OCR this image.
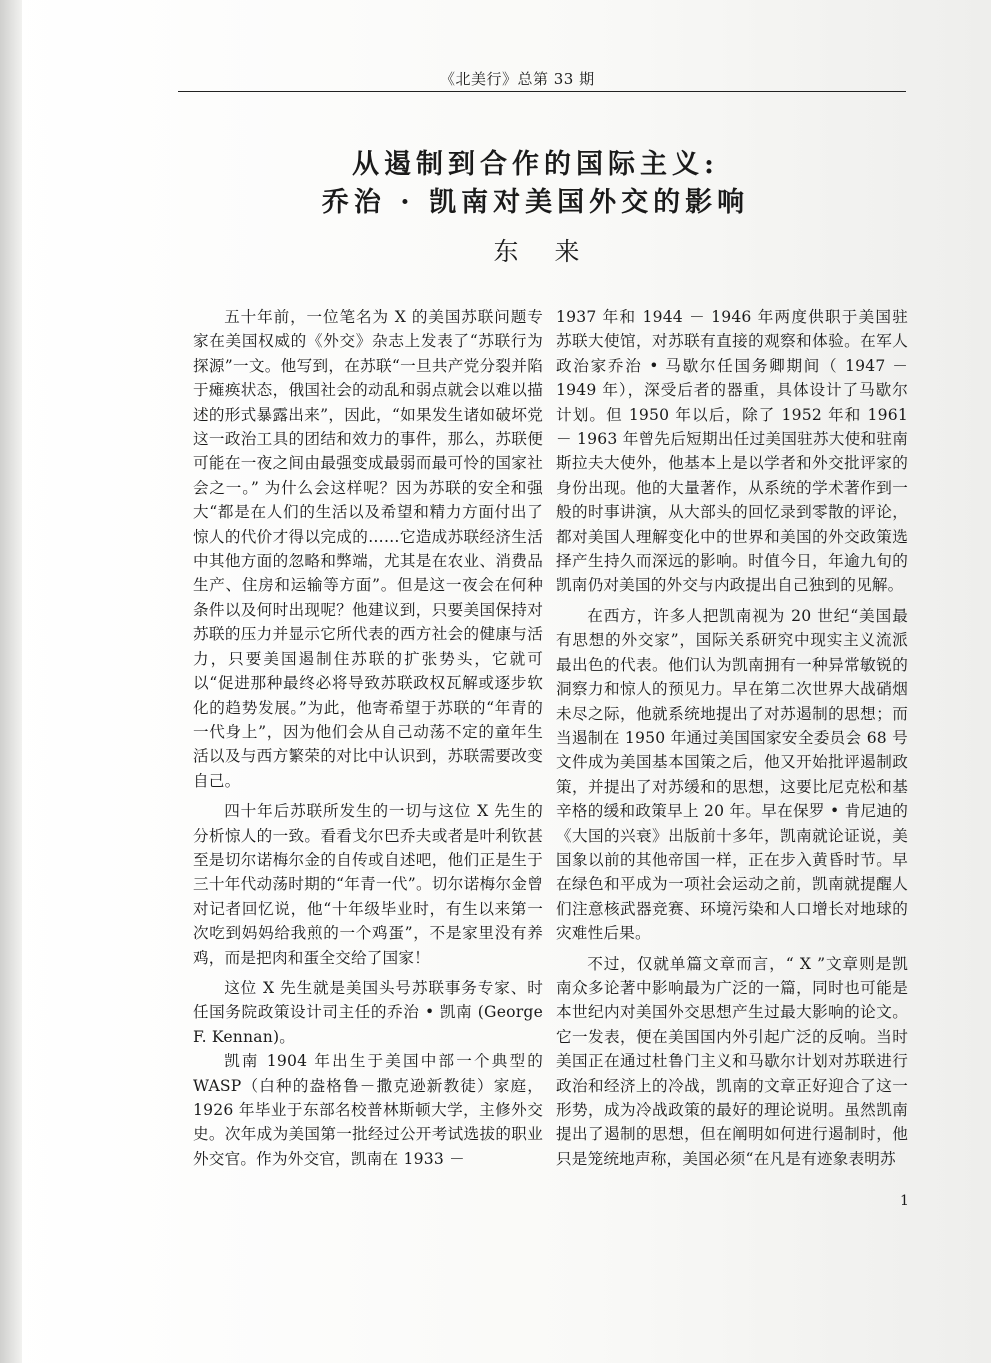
《北美行》总第 33 期
从遏制到合作的国际主义:
乔治 · 凯南对美国外交的影响
东 来

五十年前，一位笔名为 X 的美国苏联问题专家在美国权威的《外交》杂志上发表了“苏联行为探源”一文。他写到，在苏联“一旦共产党分裂并陷于瘫痪状态，俄国社会的动乱和弱点就会以难以描述的形式暴露出来”，因此，“如果发生诸如破坏党这一政治工具的团结和效力的事件，那么，苏联便可能在一夜之间由最强变成最弱而最可怜的国家社会之一。” 为什么会这样呢？因为苏联的安全和强大“都是在人们的生活以及希望和精力方面付出了惊人的代价才得以完成的……它造成苏联经济生活中其他方面的忽略和弊端，尤其是在农业、消费品生产、住房和运输等方面”。但是这一夜会在何种条件以及何时出现呢？他建议到，只要美国保持对苏联的压力并显示它所代表的西方社会的健康与活力，只要美国遏制住苏联的扩张势头，它就可以“促进那种最终必将导致苏联政权瓦解或逐步软化的趋势发展。”为此，他寄希望于苏联的“年青的一代身上”，因为他们会从自己动荡不定的童年生活以及与西方繁荣的对比中认识到，苏联需要改变自己。

四十年后苏联所发生的一切与这位 X 先生的分析惊人的一致。看看戈尔巴乔夫或者是叶利钦甚至是切尔诺梅尔金的自传或自述吧，他们正是生于三十年代动荡时期的“年青一代”。切尔诺梅尔金曾对记者回忆说，他“十年级毕业时，有生以来第一次吃到妈妈给我煎的一个鸡蛋”，不是家里没有养鸡，而是把肉和蛋全交给了国家！

这位 X 先生就是美国头号苏联事务专家、时任国务院政策设计司主任的乔治 • 凯南 (George F. Kennan)。

凯南 1904 年出生于美国中部一个典型的 WASP（白种的盎格鲁－撒克逊新教徒）家庭，1926 年毕业于东部名校普林斯顿大学，主修外交史。次年成为美国第一批经过公开考试选拔的职业外交官。作为外交官，凯南在 1933 －

1937 年和 1944 － 1946 年两度供职于美国驻苏联大使馆，对苏联有直接的观察和体验。在军人政治家乔治 • 马歇尔任国务卿期间（ 1947 － 1949 年），深受后者的器重，具体设计了马歇尔计划。但 1950 年以后，除了 1952 年和 1961 － 1963 年曾先后短期出任过美国驻苏大使和驻南斯拉夫大使外，他基本上是以学者和外交批评家的身份出现。他的大量著作，从系统的学术著作到一般的时事讲演，从大部头的回忆录到零散的评论，都对美国人理解变化中的世界和美国的外交政策选择产生持久而深远的影响。时值今日，年逾九旬的凯南仍对美国的外交与内政提出自己独到的见解。

在西方，许多人把凯南视为 20 世纪“美国最有思想的外交家”，国际关系研究中现实主义流派最出色的代表。他们认为凯南拥有一种异常敏锐的洞察力和惊人的预见力。早在第二次世界大战硝烟未尽之际，他就系统地提出了对苏遏制的思想；而当遏制在 1950 年通过美国国家安全委员会 68 号文件成为美国基本国策之后，他又开始批评遏制政策，并提出了对苏缓和的思想，这要比尼克松和基辛格的缓和政策早上 20 年。早在保罗 • 肯尼迪的《大国的兴衰》出版前十多年，凯南就论证说，美国象以前的其他帝国一样，正在步入黄昏时节。早在绿色和平成为一项社会运动之前，凯南就提醒人们注意核武器竞赛、环境污染和人口增长对地球的灾难性后果。

不过，仅就单篇文章而言，“ X ”文章则是凯南众多论著中影响最为广泛的一篇，同时也可能是本世纪内对美国外交思想产生过最大影响的论文。它一发表，便在美国国内外引起广泛的反响。当时美国正在通过杜鲁门主义和马歇尔计划对苏联进行政治和经济上的冷战，凯南的文章正好迎合了这一形势，成为冷战政策的最好的理论说明。虽然凯南提出了遏制的思想，但在阐明如何进行遏制时，他只是笼统地声称，美国必须“在凡是有迹象表明苏

1
